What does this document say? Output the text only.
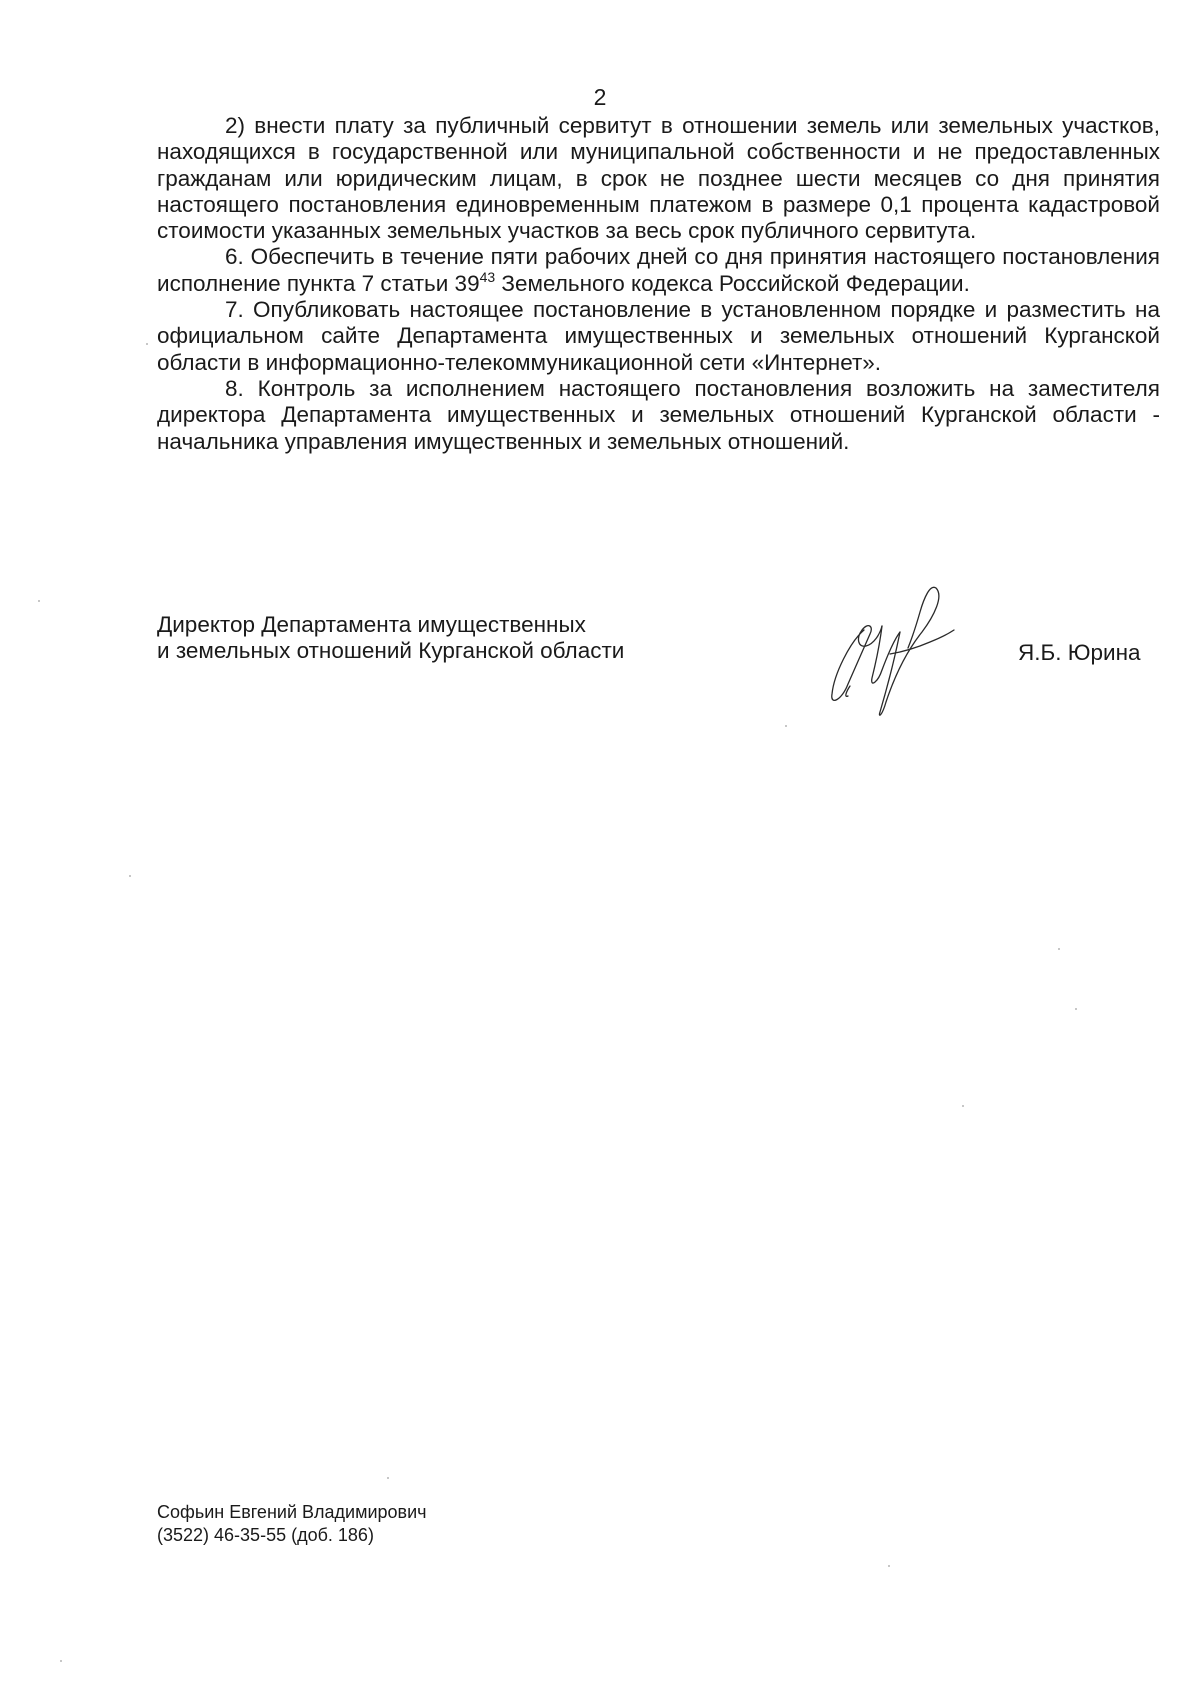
2

2) внести плату за публичный сервитут в отношении земель или земельных участков, находящихся в государственной или муниципальной собственности и не предоставленных гражданам или юридическим лицам, в срок не позднее шести месяцев со дня принятия настоящего постановления единовременным платежом в размере 0,1 процента кадастровой стоимости указанных земельных участков за весь срок публичного сервитута.

6. Обеспечить в течение пяти рабочих дней со дня принятия настоящего постановления исполнение пункта 7 статьи $39^{43}$ Земельного кодекса Российской Федерации.

7. Опубликовать настоящее постановление в установленном порядке и разместить на официальном сайте Департамента имущественных и земельных отношений Курганской области в информационно-телекоммуникационной сети «Интернет».

8. Контроль за исполнением настоящего постановления возложить на заместителя директора Департамента имущественных и земельных отношений Курганской области - начальника управления имущественных и земельных отношений.

Директор Департамента имущественных
и земельных отношений Курганской области	Я.Б. Юрина
Софьин Евгений Владимирович
(3522) 46-35-55 (доб. 186)
